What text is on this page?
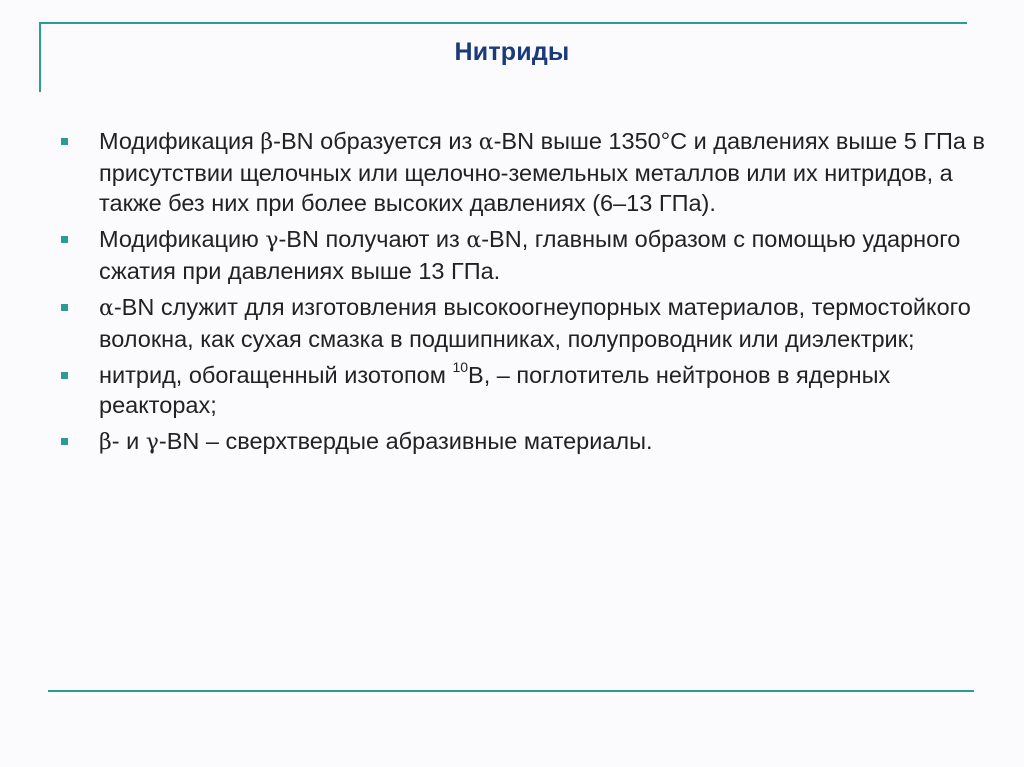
Нитриды
Модификация β-BN образуется из α-BN выше 1350°С и давлениях выше 5 ГПа в присутствии щелочных или щелочно-земельных металлов или их нитридов, а также без них при более высоких давлениях (6–13 ГПа).
Модификацию γ-BN получают из α-BN, главным образом с помощью ударного сжатия при давлениях выше 13 ГПа.
α-BN служит для изготовления высокоогнеупорных материалов, термостойкого волокна, как сухая смазка в подшипниках, полупроводник или диэлектрик;
нитрид, обогащенный изотопом $^{10}$В, – поглотитель нейтронов в ядерных реакторах;
β- и γ-BN – сверхтвердые абразивные материалы.
